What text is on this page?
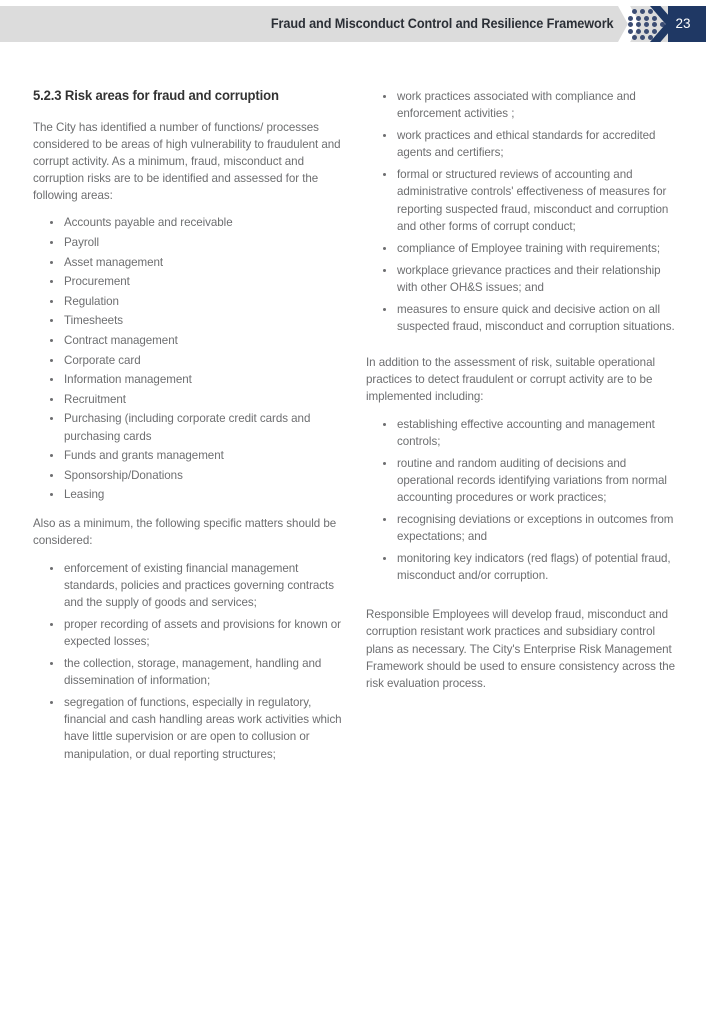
Fraud and Misconduct Control and Resilience Framework	23
5.2.3 Risk areas for fraud and corruption

The City has identified a number of functions/ processes considered to be areas of high vulnerability to fraudulent and corrupt activity. As a minimum, fraud, misconduct and corruption risks are to be identified and assessed for the following areas:

Accounts payable and receivable
Payroll
Asset management
Procurement
Regulation
Timesheets
Contract management
Corporate card
Information management
Recruitment
Purchasing (including corporate credit cards and purchasing cards
Funds and grants management
Sponsorship/Donations
Leasing

Also as a minimum, the following specific matters should be considered:

enforcement of existing financial management standards, policies and practices governing contracts and the supply of goods and services;
proper recording of assets and provisions for known or expected losses;
the collection, storage, management, handling and dissemination of information;
segregation of functions, especially in regulatory, financial and cash handling areas work activities which have little supervision or are open to collusion or manipulation, or dual reporting structures;
work practices associated with compliance and enforcement activities ;
work practices and ethical standards for accredited agents and certifiers;
formal or structured reviews of accounting and administrative controls' effectiveness of measures for reporting suspected fraud, misconduct and corruption and other forms of corrupt conduct;
compliance of Employee training with requirements;
workplace grievance practices and their relationship with other OH&S issues; and
measures to ensure quick and decisive action on all suspected fraud, misconduct and corruption situations.

In addition to the assessment of risk, suitable operational practices to detect fraudulent or corrupt activity are to be implemented including:

establishing effective accounting and management controls;
routine and random auditing of decisions and operational records identifying variations from normal accounting procedures or work practices;
recognising deviations or exceptions in outcomes from expectations; and
monitoring key indicators (red flags) of potential fraud, misconduct and/or corruption.

Responsible Employees will develop fraud, misconduct and corruption resistant work practices and subsidiary control plans as necessary. The City's Enterprise Risk Management Framework should be used to ensure consistency across the risk evaluation process.
